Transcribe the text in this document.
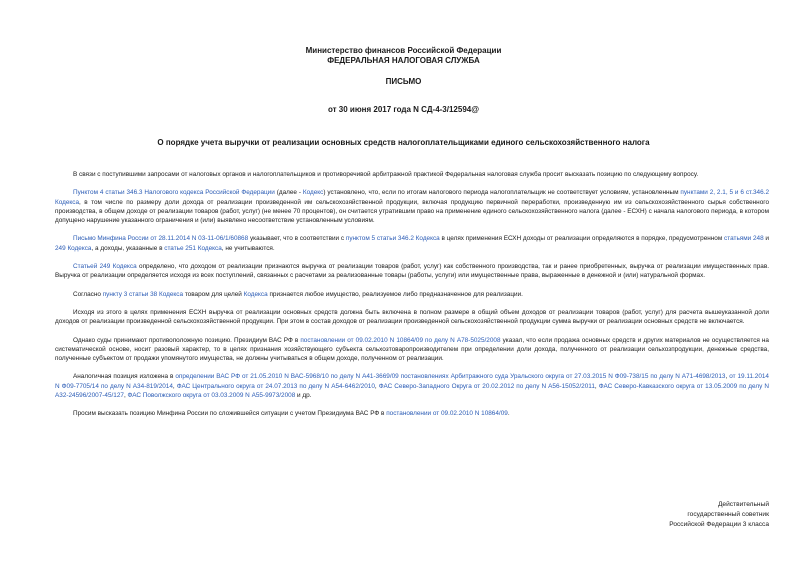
Министерство финансов Российской Федерации
ФЕДЕРАЛЬНАЯ НАЛОГОВАЯ СЛУЖБА
ПИСЬМО
от 30 июня 2017 года N СД-4-3/12594@
О порядке учета выручки от реализации основных средств налогоплательщиками единого сельскохозяйственного налога

В связи с поступившими запросами от налоговых органов и налогоплательщиков и противоречивой арбитражной практикой Федеральная налоговая служба просит высказать позицию по следующему вопросу.

Пунктом 4 статьи 346.3 Налогового кодекса Российской Федерации (далее - Кодекс) установлено, что, если по итогам налогового периода налогоплательщик не соответствует условиям, установленным пунктами 2, 2.1, 5 и 6 ст.346.2 Кодекса, в том числе по размеру доли дохода от реализации произведенной им сельскохозяйственной продукции, включая продукцию первичной переработки, произведенную им из сельскохозяйственного сырья собственного производства, в общем доходе от реализации товаров (работ, услуг) (не менее 70 процентов), он считается утратившим право на применение единого сельскохозяйственного налога (далее - ЕСХН) с начала налогового периода, в котором допущено нарушение указанного ограничения и (или) выявлено несоответствие установленным условиям.

Письмо Минфина России от 28.11.2014 N 03-11-06/1/60868 указывает, что в соответствии с пунктом 5 статьи 346.2 Кодекса в целях применения ЕСХН доходы от реализации определяются в порядке, предусмотренном статьями 248 и 249 Кодекса, а доходы, указанные в статье 251 Кодекса, не учитываются.

Статьей 249 Кодекса определено, что доходом от реализации признаются выручка от реализации товаров (работ, услуг) как собственного производства, так и ранее приобретенных, выручка от реализации имущественных прав. Выручка от реализации определяется исходя из всех поступлений, связанных с расчетами за реализованные товары (работы, услуги) или имущественные права, выраженные в денежной и (или) натуральной формах.

Согласно пункту 3 статьи 38 Кодекса товаром для целей Кодекса признается любое имущество, реализуемое либо предназначенное для реализации.

Исходя из этого в целях применения ЕСХН выручка от реализации основных средств должна быть включена в полном размере в общий объем доходов от реализации товаров (работ, услуг) для расчета вышеуказанной доли доходов от реализации произведенной сельскохозяйственной продукции. При этом в состав доходов от реализации произведенной сельскохозяйственной продукции сумма выручки от реализации основных средств не включается.

Однако суды принимают противоположную позицию. Президиум ВАС РФ в постановлении от 09.02.2010 N 10864/09 по делу N А78-5025/2008 указал, что если продажа основных средств и других материалов не осуществляется на систематической основе, носит разовый характер, то в целях признания хозяйствующего субъекта сельхозтоваропроизводителем при определении доли дохода, полученного от реализации сельхозпродукции, денежные средства, полученные субъектом от продажи упомянутого имущества, не должны учитываться в общем доходе, полученном от реализации.

Аналогичная позиция изложена в определении ВАС РФ от 21.05.2010 N ВАС-5968/10 по делу N А41-3669/09 постановлениях Арбитражного суда Уральского округа от 27.03.2015 N Ф09-738/15 по делу N А71-4698/2013, от 19.11.2014 N Ф09-7705/14 по делу N А34-819/2014, ФАС Центрального округа от 24.07.2013 по делу N А54-6462/2010, ФАС Северо-Западного Округа от 20.02.2012 по делу N А56-15052/2011, ФАС Северо-Кавказского округа от 13.05.2009 по делу N А32-24596/2007-45/127, ФАС Поволжского округа от 03.03.2009 N А55-9973/2008 и др.

Просим высказать позицию Минфина России по сложившейся ситуации с учетом Президиума ВАС РФ в постановлении от 09.02.2010 N 10864/09.

Действительный
государственный советник
Российской Федерации 3 класса
